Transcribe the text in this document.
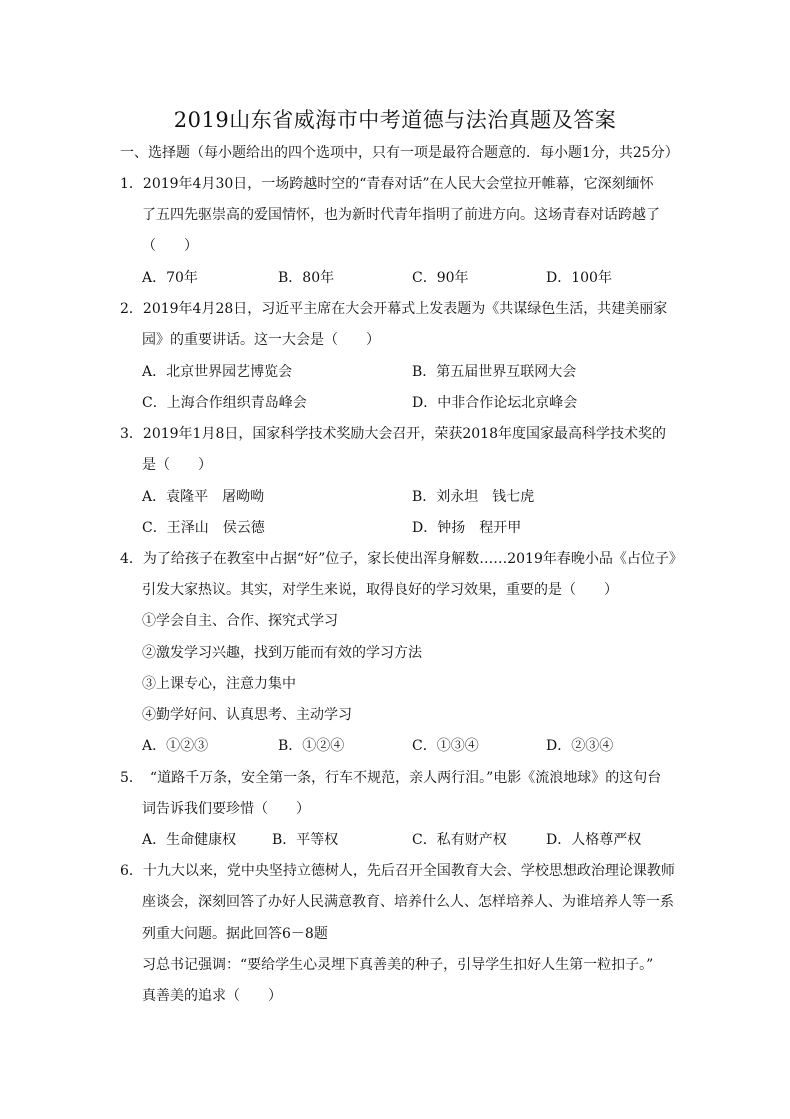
2019山东省威海市中考道德与法治真题及答案
一、选择题（每小题给出的四个选项中，只有一项是最符合题意的．每小题1分，共25分）
1．2019年4月30日，一场跨越时空的“青春对话”在人民大会堂拉开帷幕，它深刻缅怀
了五四先驱崇高的爱国情怀，也为新时代青年指明了前进方向。这场青春对话跨越了
（　　）
A．70年	B．80年	C．90年	D．100年
2．2019年4月28日，习近平主席在大会开幕式上发表题为《共谋绿色生活，共建美丽家
园》的重要讲话。这一大会是（　　）
A．北京世界园艺博览会	B．第五届世界互联网大会
C．上海合作组织青岛峰会	D．中非合作论坛北京峰会
3．2019年1月8日，国家科学技术奖励大会召开，荣获2018年度国家最高科学技术奖的
是（　　）
A．袁隆平　屠呦呦	B．刘永坦　钱七虎
C．王泽山　侯云德	D．钟扬　程开甲
4．为了给孩子在教室中占据“好”位子，家长使出浑身解数……2019年春晚小品《占位子》
引发大家热议。其实，对学生来说，取得良好的学习效果，重要的是（　　）
①学会自主、合作、探究式学习
②激发学习兴趣，找到万能而有效的学习方法
③上课专心，注意力集中
④勤学好问、认真思考、主动学习
A．①②③	B．①②④	C．①③④	D．②③④
5．　“道路千万条，安全第一条，行车不规范，亲人两行泪。”电影《流浪地球》的这句台
词告诉我们要珍惜（　　）
A．生命健康权	B．平等权	C．私有财产权	D．人格尊严权
6．十九大以来，党中央坚持立德树人，先后召开全国教育大会、学校思想政治理论课教师
座谈会，深刻回答了办好人民满意教育、培养什么人、怎样培养人、为谁培养人等一系
列重大问题。据此回答6－8题
习总书记强调：“要给学生心灵埋下真善美的种子，引导学生扣好人生第一粒扣子。”
真善美的追求（　　）
